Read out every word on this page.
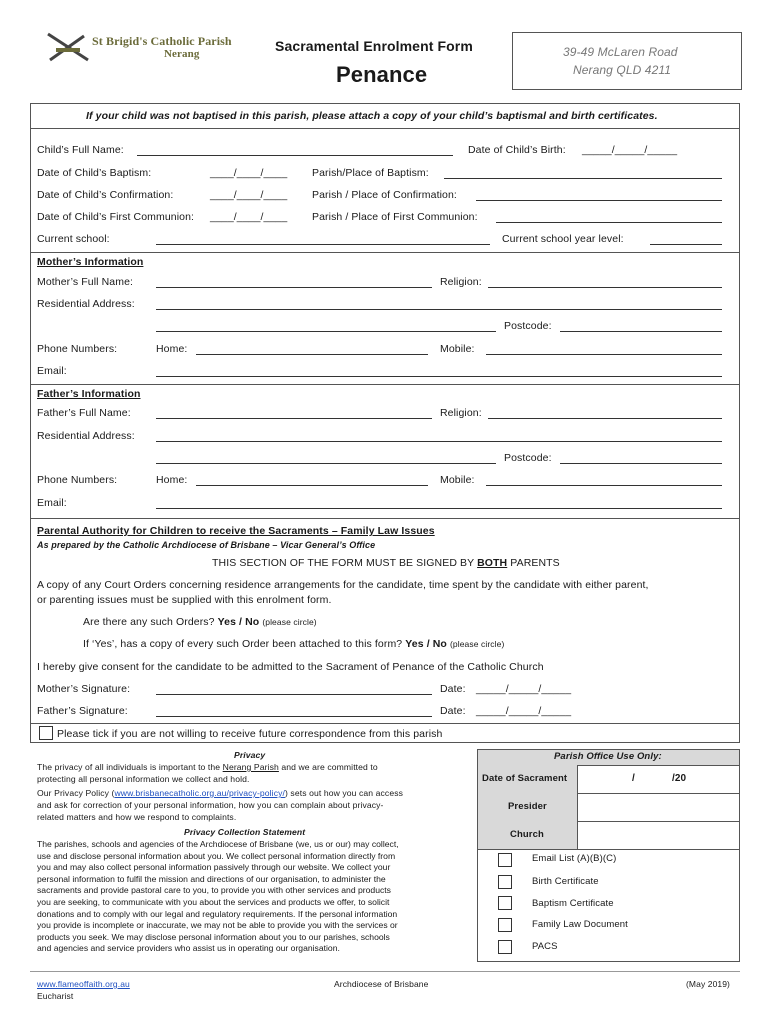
St Brigid's Catholic Parish
Nerang	Sacramental Enrolment Form
Penance
39-49 McLaren Road
Nerang QLD 4211
If your child was not baptised in this parish, please attach a copy of your child’s baptismal and birth certificates.
Child’s Full Name:	Date of Child’s Birth: _____/_____/_____
Date of Child’s Baptism:	____/____/____ Parish/Place of Baptism:
Date of Child’s Confirmation:	____/____/____ Parish / Place of Confirmation:
Date of Child’s First Communion: ____/____/____ Parish / Place of First Communion:
Current school:	Current school year level:
Mother’s Information
Mother’s Full Name:	Religion:
Residential Address:
Postcode:
Phone Numbers:	Home:	Mobile:
Email:
Father’s Information
Father’s Full Name:	Religion:
Residential Address:
Postcode:
Phone Numbers:	Home:	Mobile:
Email:
Parental Authority for Children to receive the Sacraments – Family Law Issues
As prepared by the Catholic Archdiocese of Brisbane – Vicar General’s Office
THIS SECTION OF THE FORM MUST BE SIGNED BY BOTH PARENTS
A copy of any Court Orders concerning residence arrangements for the candidate, time spent by the candidate with either parent,
or parenting issues must be supplied with this enrolment form.
Are there any such Orders? Yes / No (please circle)
If ‘Yes’, has a copy of every such Order been attached to this form? Yes / No (please circle)
I hereby give consent for the candidate to be admitted to the Sacrament of Penance of the Catholic Church
Mother’s Signature:	Date: _____/_____/_____
Father’s Signature:	Date: _____/_____/_____
Please tick if you are not willing to receive future correspondence from this parish
Privacy
The privacy of all individuals is important to the Nerang Parish and we are committed to
protecting all personal information we collect and hold.
Our Privacy Policy (www.brisbanecatholic.org.au/privacy-policy/) sets out how you can access
and ask for correction of your personal information, how you can complain about privacy-
related matters and how we respond to complaints.
Privacy Collection Statement
The parishes, schools and agencies of the Archdiocese of Brisbane (we, us or our) may collect,
use and disclose personal information about you. We collect personal information directly from
you and may also collect personal information passively through our website. We collect your
personal information to fulfil the mission and directions of our organisation, to administer the
sacraments and provide pastoral care to you, to provide you with other services and products
you are seeking, to communicate with you about the services and products we offer, to solicit
donations and to comply with our legal and regulatory requirements. If the personal information
you provide is incomplete or inaccurate, we may not be able to provide you with the services or
products you seek. We may disclose personal information about you to our parishes, schools
and agencies and service providers who assist us in operating our organisation.
Parish Office Use Only:
Date of Sacrament	/	/20
Presider
Church
Email List (A)(B)(C)
Birth Certificate
Baptism Certificate
Family Law Document
PACS
www.flameoffaith.org.au
Eucharist
Archdiocese of Brisbane	(May 2019)
